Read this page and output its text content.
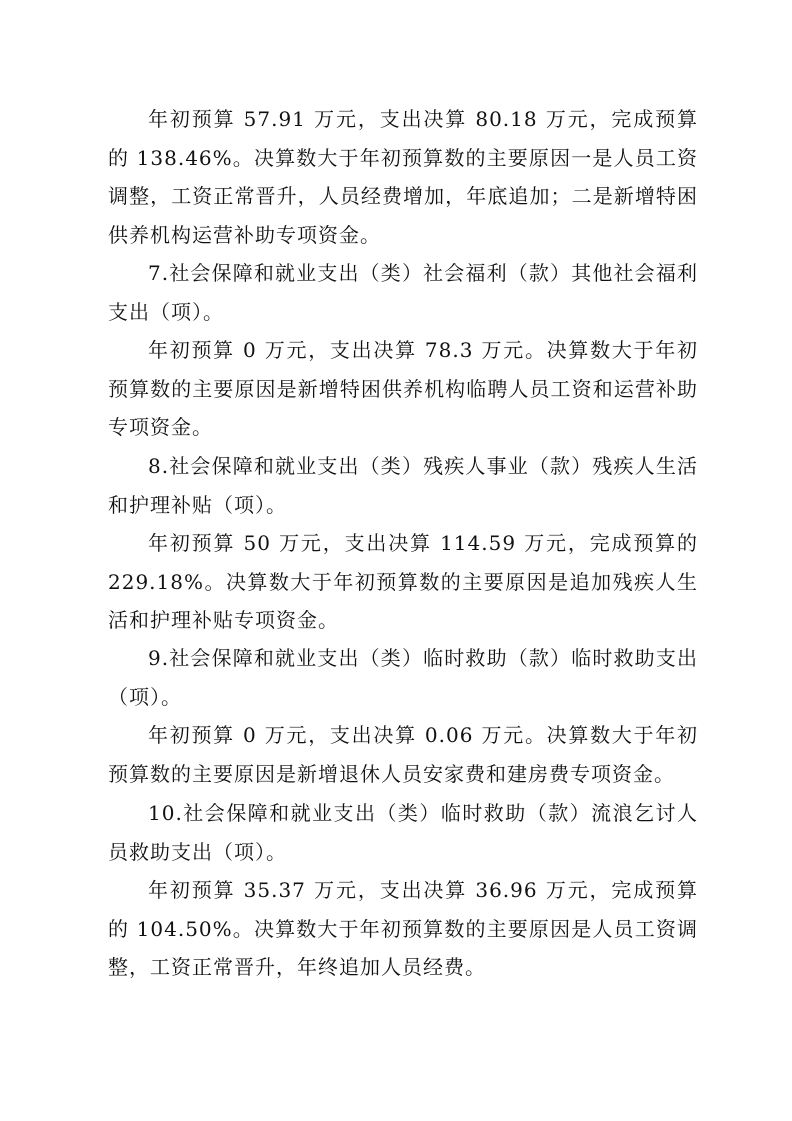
年初预算 57.91 万元，支出决算 80.18 万元，完成预算的 138.46%。决算数大于年初预算数的主要原因一是人员工资调整，工资正常晋升，人员经费增加，年底追加；二是新增特困供养机构运营补助专项资金。

7.社会保障和就业支出（类）社会福利（款）其他社会福利支出（项）。

年初预算 0 万元，支出决算 78.3 万元。决算数大于年初预算数的主要原因是新增特困供养机构临聘人员工资和运营补助专项资金。

8.社会保障和就业支出（类）残疾人事业（款）残疾人生活和护理补贴（项）。

年初预算 50 万元，支出决算 114.59 万元，完成预算的 229.18%。决算数大于年初预算数的主要原因是追加残疾人生活和护理补贴专项资金。

9.社会保障和就业支出（类）临时救助（款）临时救助支出（项）。

年初预算 0 万元，支出决算 0.06 万元。决算数大于年初预算数的主要原因是新增退休人员安家费和建房费专项资金。

10.社会保障和就业支出（类）临时救助（款）流浪乞讨人员救助支出（项）。

年初预算 35.37 万元，支出决算 36.96 万元，完成预算的 104.50%。决算数大于年初预算数的主要原因是人员工资调整，工资正常晋升，年终追加人员经费。
